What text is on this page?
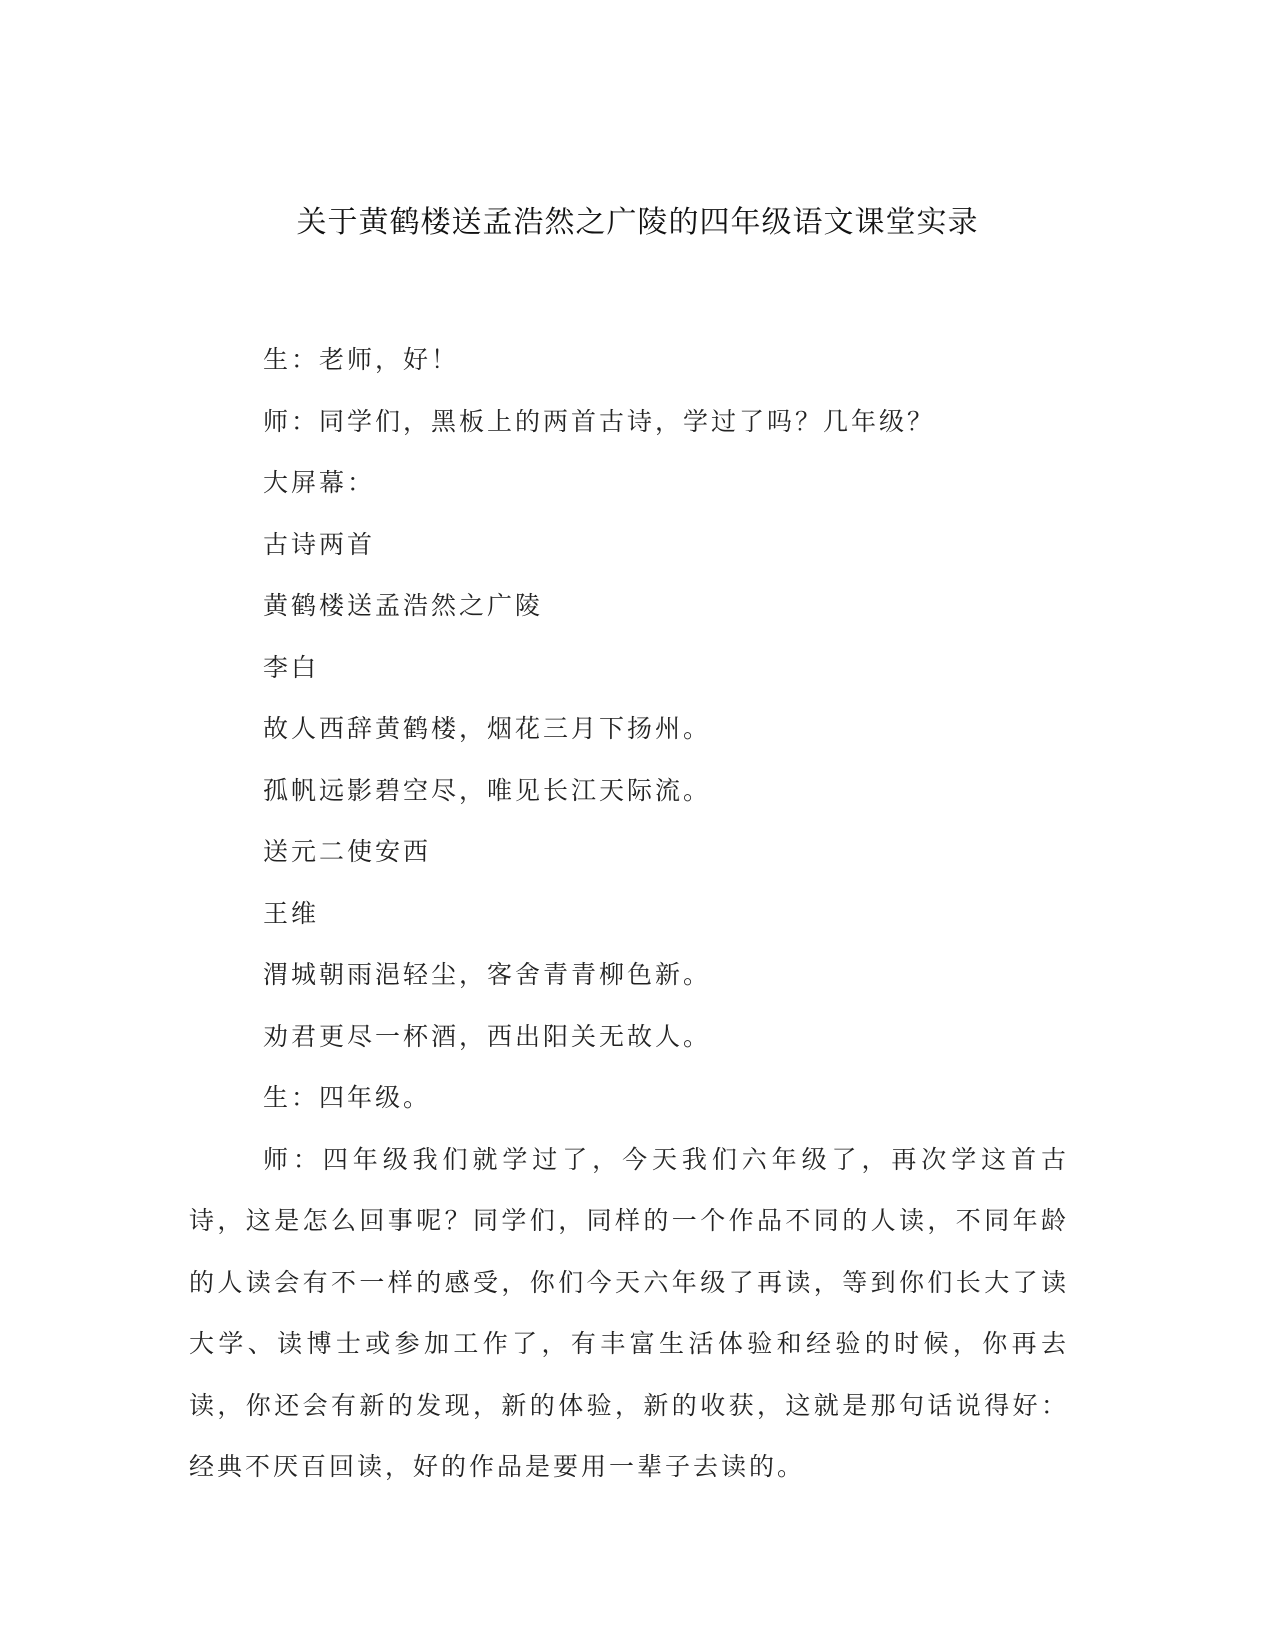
关于黄鹤楼送孟浩然之广陵的四年级语文课堂实录

生：老师，好！

师：同学们，黑板上的两首古诗，学过了吗？几年级？

大屏幕：

古诗两首

黄鹤楼送孟浩然之广陵

李白

故人西辞黄鹤楼，烟花三月下扬州。

孤帆远影碧空尽，唯见长江天际流。

送元二使安西

王维

渭城朝雨浥轻尘，客舍青青柳色新。

劝君更尽一杯酒，西出阳关无故人。

生：四年级。

师：四年级我们就学过了，今天我们六年级了，再次学这首古诗，这是怎么回事呢？同学们，同样的一个作品不同的人读，不同年龄的人读会有不一样的感受，你们今天六年级了再读，等到你们长大了读大学、读博士或参加工作了，有丰富生活体验和经验的时候，你再去读，你还会有新的发现，新的体验，新的收获，这就是那句话说得好：经典不厌百回读，好的作品是要用一辈子去读的。
